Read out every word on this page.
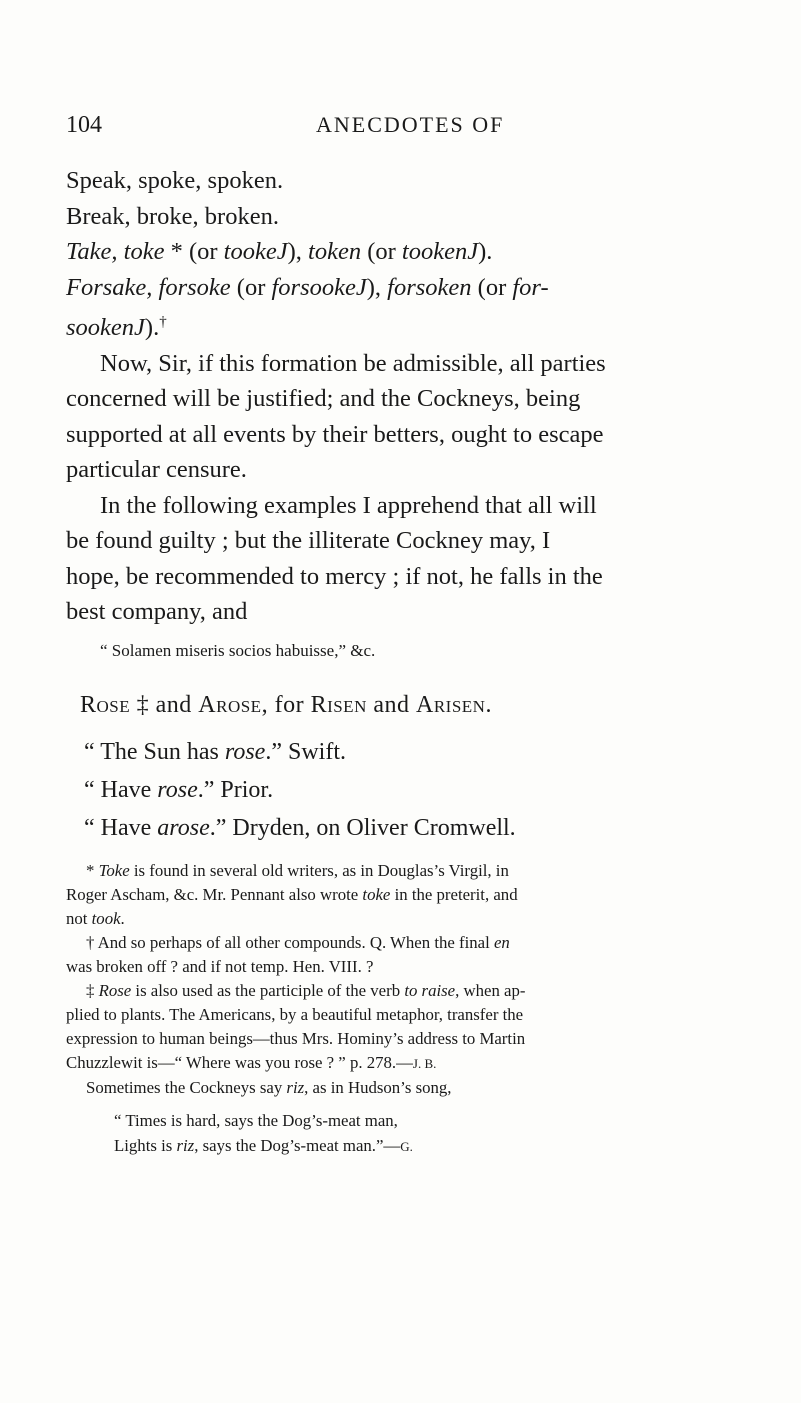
104	ANECDOTES OF
Speak, spoke, spoken.
Break, broke, broken.
Take, toke * (or tookeJ), token (or tookenJ).
Forsake, forsoke (or forsookeJ), forsoken (or for-
sookenJ).†
Now, Sir, if this formation be admissible, all parties
concerned will be justified; and the Cockneys, being
supported at all events by their betters, ought to escape
particular censure.
In the following examples I apprehend that all will
be found guilty ; but the illiterate Cockney may, I
hope, be recommended to mercy ; if not, he falls in the
best company, and
“ Solamen miseris socios habuisse,” &c.
Rose ‡ and Arose, for Risen and Arisen.
“ The Sun has rose.” Swift.
“ Have rose.” Prior.
“ Have arose.” Dryden, on Oliver Cromwell.
* Toke is found in several old writers, as in Douglas’s Virgil, in
Roger Ascham, &c. Mr. Pennant also wrote toke in the preterit, and
not took.
† And so perhaps of all other compounds. Q. When the final en
was broken off ? and if not temp. Hen. VIII. ?
‡ Rose is also used as the participle of the verb to raise, when ap-
plied to plants. The Americans, by a beautiful metaphor, transfer the
expression to human beings—thus Mrs. Hominy’s address to Martin
Chuzzlewit is—“ Where was you rose ? ” p. 278.—J. B.
Sometimes the Cockneys say riz, as in Hudson’s song,
“ Times is hard, says the Dog’s-meat man,
Lights is riz, says the Dog’s-meat man.”—G.
